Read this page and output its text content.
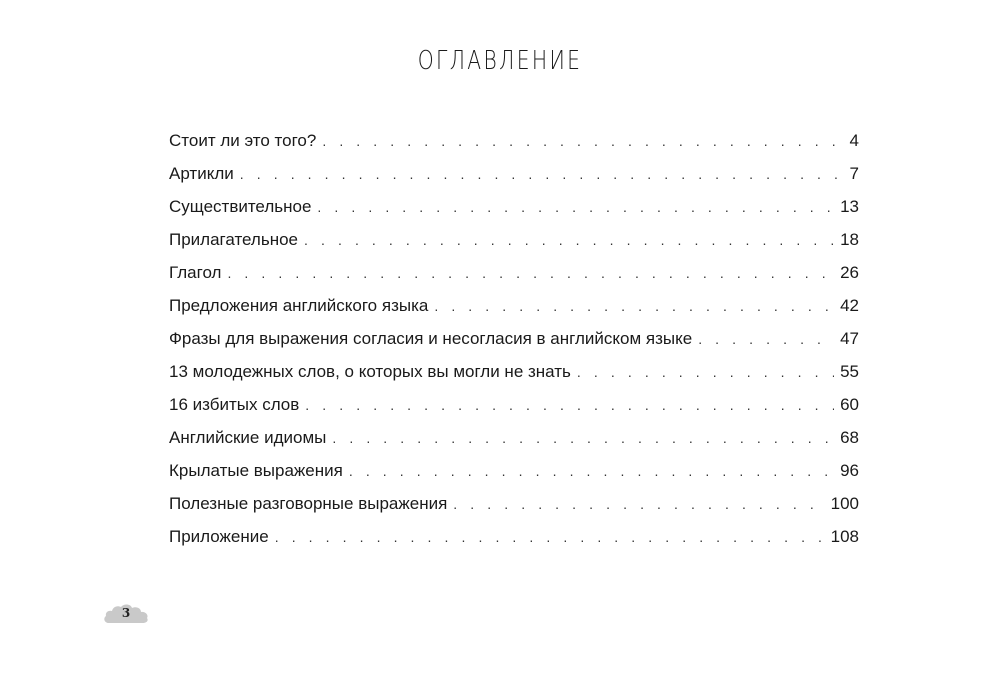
ОГЛАВЛЕНИЕ
Стоит ли это того? . . .	4
Артикли . . .	7
Существительное . . .	13
Прилагательное . . .	18
Глагол . . .	26
Предложения английского языка . . .	42
Фразы для выражения согласия и несогласия в английском языке . . .	47
13 молодежных слов, о которых вы могли не знать . . .	55
16 избитых слов . . .	60
Английские идиомы . . .	68
Крылатые выражения . . .	96
Полезные разговорные выражения . . .	100
Приложение . . .	108
3
